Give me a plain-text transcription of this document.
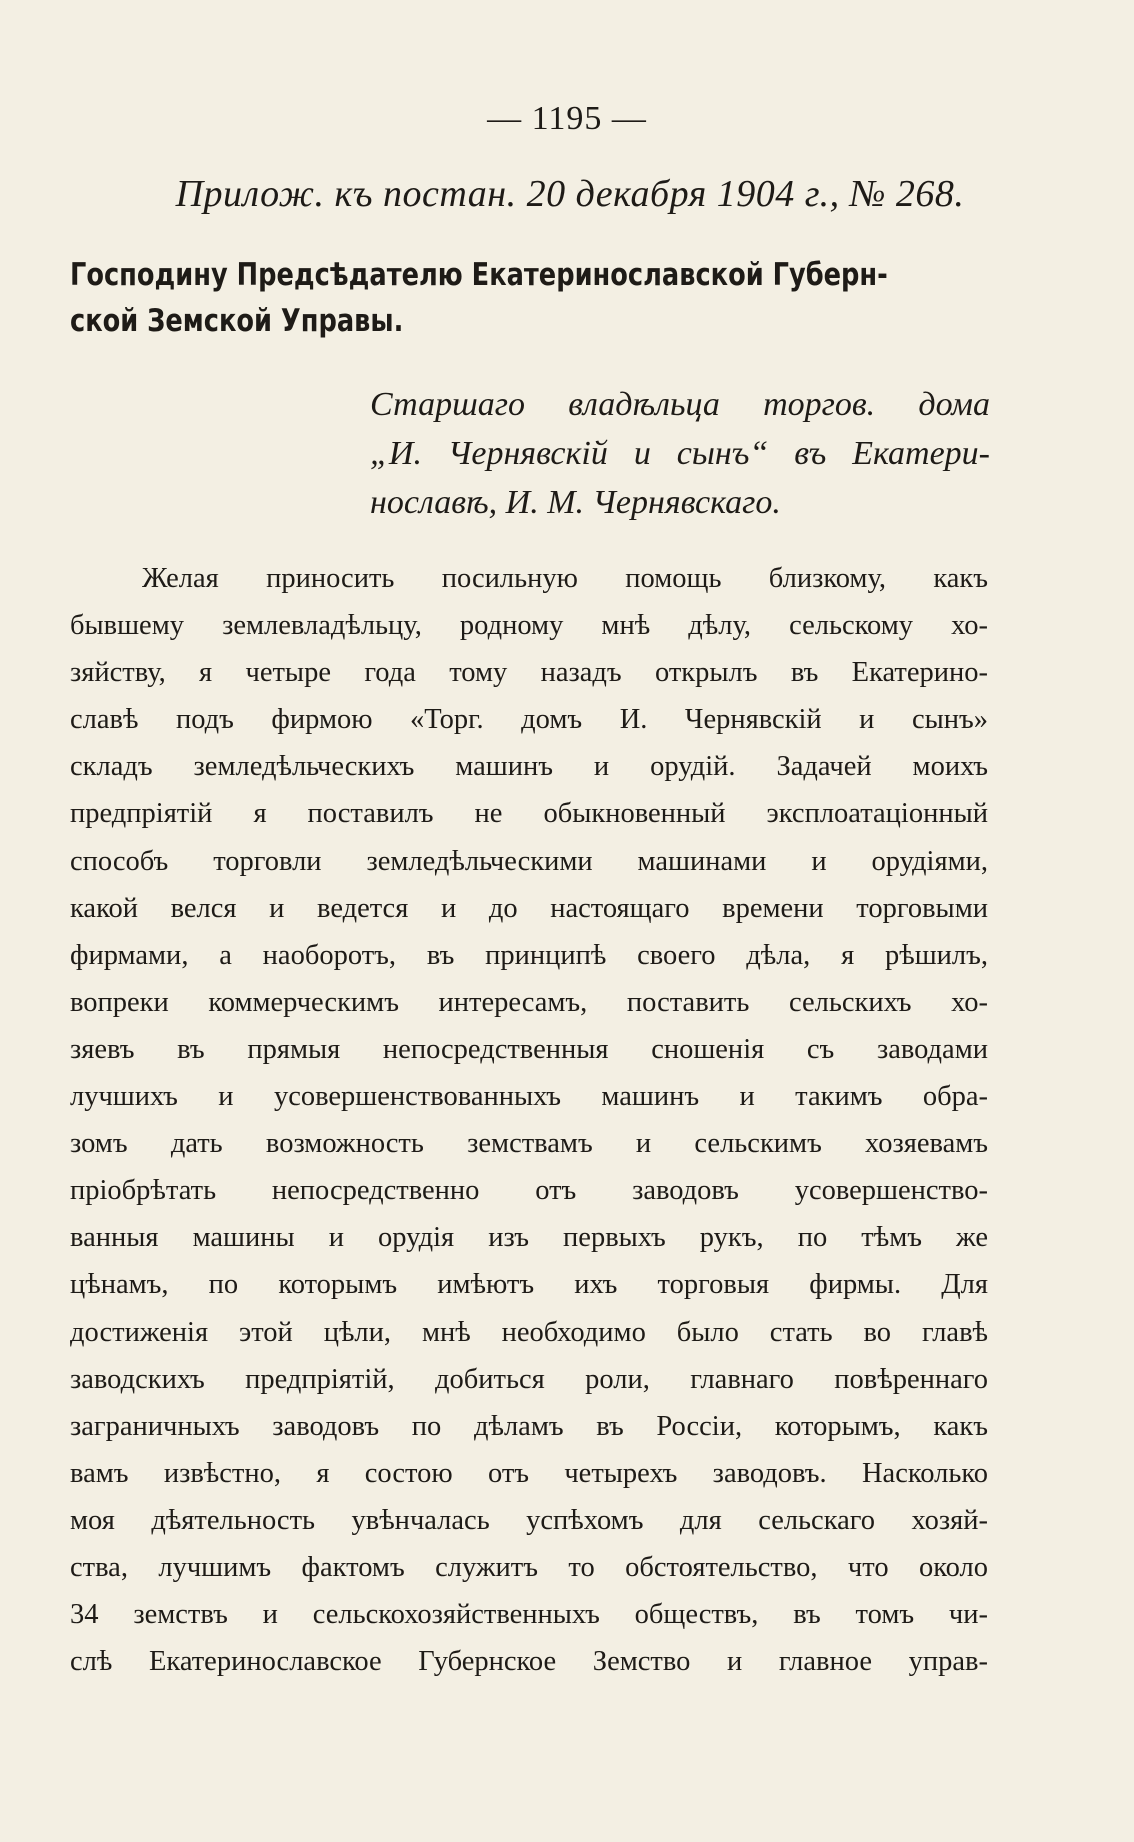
— 1195 —
Прилож. къ постан. 20 декабря 1904 г., № 268.
Господину Предсѣдателю Екатеринославской Губерн-
ской Земской Управы.
Старшаго владѣльца торгов. дома
„И. Чернявскій и сынъ“ въ Екатери-
нославѣ, И. М. Чернявскаго.
Желая приносить посильную помощь близкому, какъ
бывшему землевладѣльцу, родному мнѣ дѣлу, сельскому хо-
зяйству, я четыре года тому назадъ открылъ въ Екатерино-
славѣ подъ фирмою «Торг. домъ И. Чернявскій и сынъ»
складъ земледѣльческихъ машинъ и орудій. Задачей моихъ
предпріятій я поставилъ не обыкновенный эксплоатаціонный
способъ торговли земледѣльческими машинами и орудіями,
какой велся и ведется и до настоящаго времени торговыми
фирмами, а наоборотъ, въ принципѣ своего дѣла, я рѣшилъ,
вопреки коммерческимъ интересамъ, поставить сельскихъ хо-
зяевъ въ прямыя непосредственныя сношенія съ заводами
лучшихъ и усовершенствованныхъ машинъ и такимъ обра-
зомъ дать возможность земствамъ и сельскимъ хозяевамъ
пріобрѣтать непосредственно отъ заводовъ усовершенство-
ванныя машины и орудія изъ первыхъ рукъ, по тѣмъ же
цѣнамъ, по которымъ имѣютъ ихъ торговыя фирмы. Для
достиженія этой цѣли, мнѣ необходимо было стать во главѣ
заводскихъ предпріятій, добиться роли, главнаго повѣреннаго
заграничныхъ заводовъ по дѣламъ въ Россіи, которымъ, какъ
вамъ извѣстно, я состою отъ четырехъ заводовъ. Насколько
моя дѣятельность увѣнчалась успѣхомъ для сельскаго хозяй-
ства, лучшимъ фактомъ служитъ то обстоятельство, что около
34 земствъ и сельскохозяйственныхъ обществъ, въ томъ чи-
слѣ Екатеринославское Губернское Земство и главное управ-
